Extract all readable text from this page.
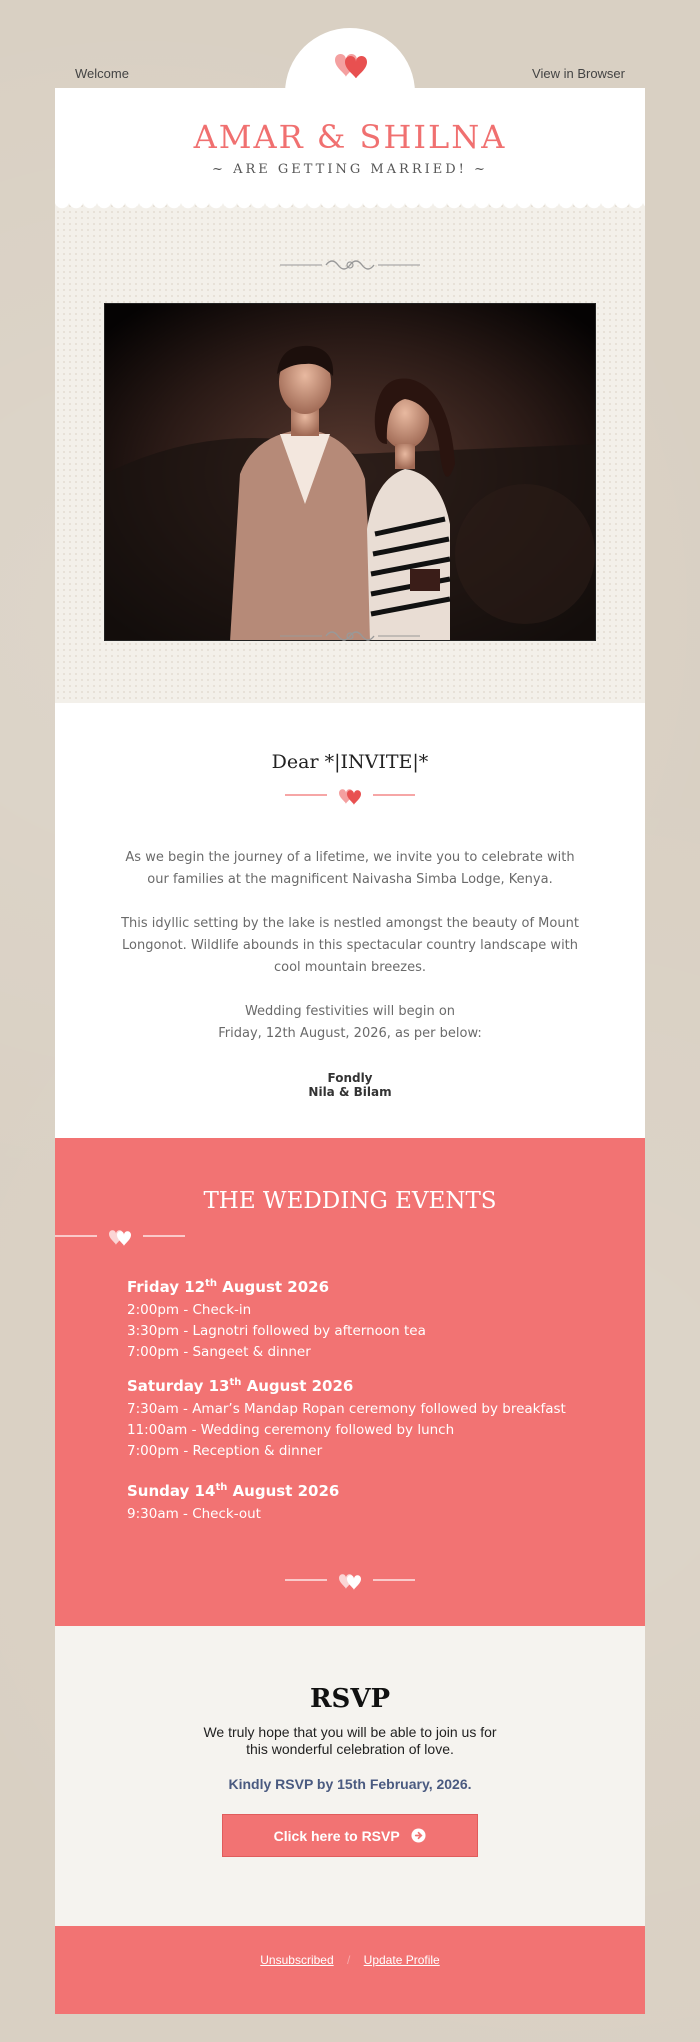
Welcome	View in Browser
AMAR & SHILNA
~ ARE GETTING MARRIED! ~
Dear *|INVITE|*

As we begin the journey of a lifetime, we invite you to celebrate with our families at the magnificent Naivasha Simba Lodge, Kenya.

This idyllic setting by the lake is nestled amongst the beauty of Mount Longonot. Wildlife abounds in this spectacular country landscape with cool mountain breezes.

Wedding festivities will begin on

Friday, 12th August, 2026, as per below:

Fondly
Nila & Bilam
THE WEDDING EVENTS
Friday 12th August 2026
2:00pm - Check-in
3:30pm - Lagnotri followed by afternoon tea
7:00pm - Sangeet & dinner
Saturday 13th August 2026
7:30am - Amar’s Mandap Ropan ceremony followed by breakfast
11:00am - Wedding ceremony followed by lunch
7:00pm - Reception & dinner
Sunday 14th August 2026
9:30am - Check-out
RSVP
We truly hope that you will be able to join us for
this wonderful celebration of love.
Kindly RSVP by 15th February, 2026.
Click here to RSVP
Unsubscribed / Update Profile
